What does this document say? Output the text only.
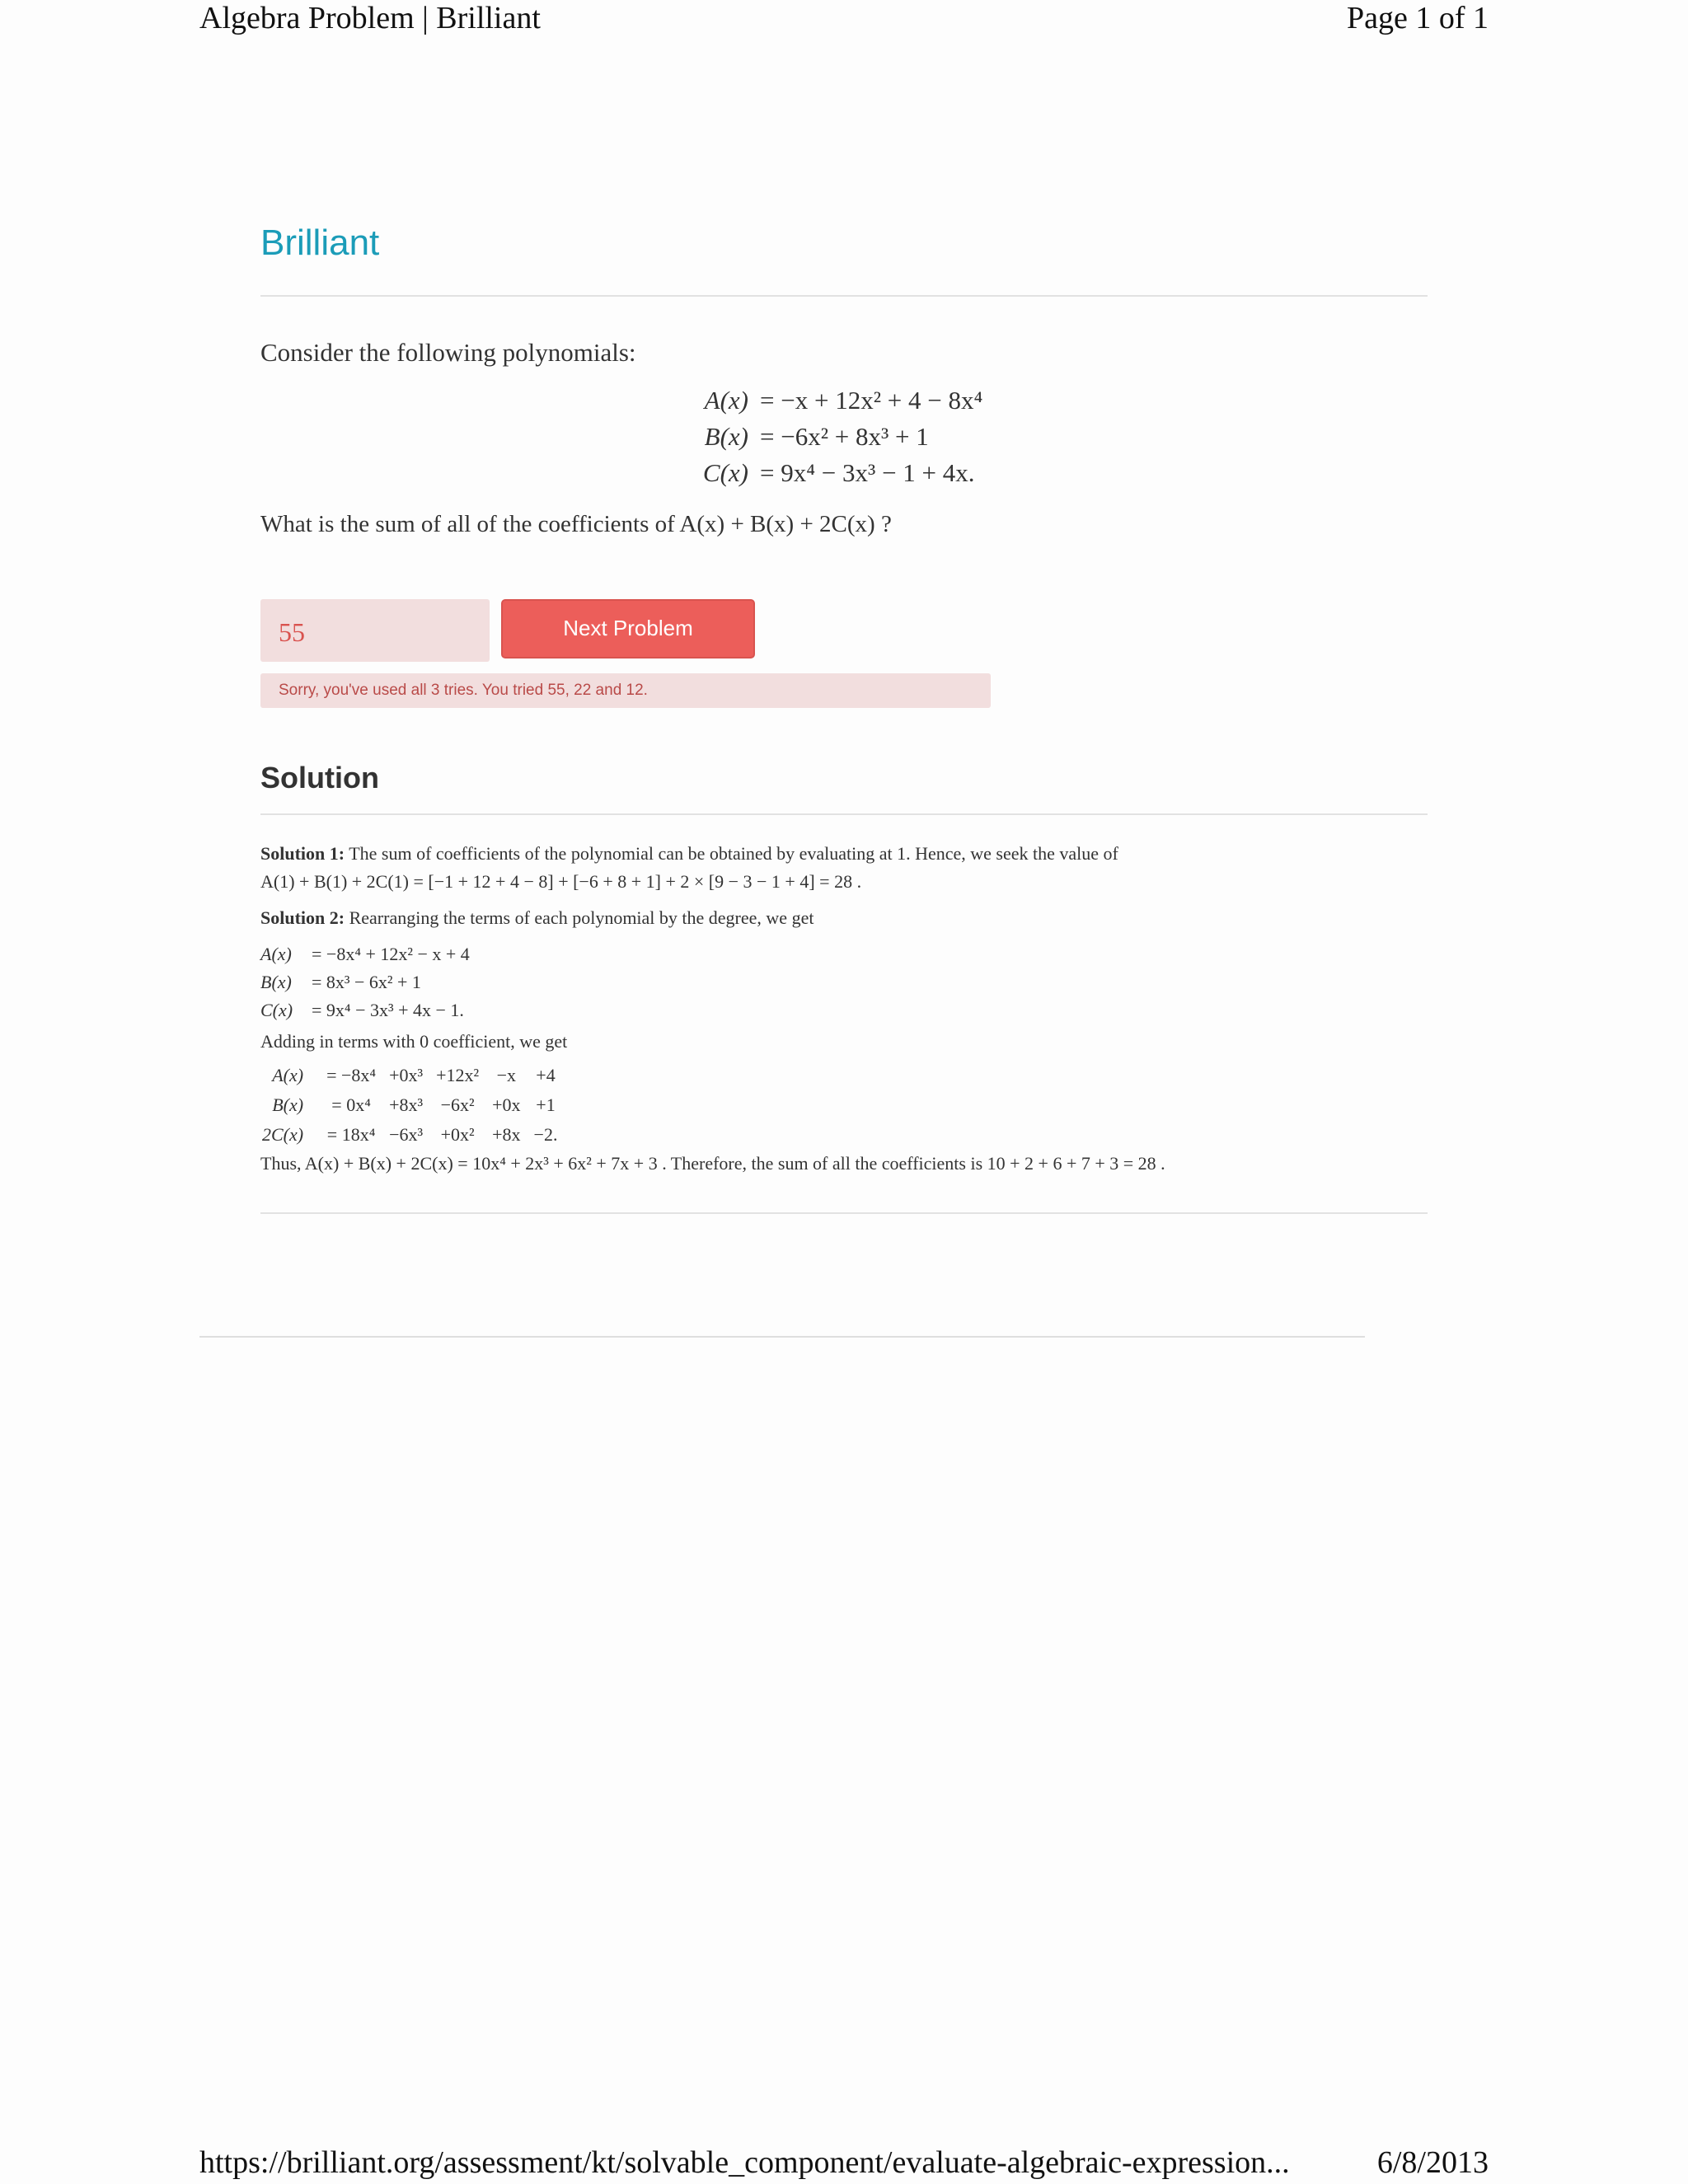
Algebra Problem | Brilliant	Page 1 of 1
Brilliant
Consider the following polynomials:
A(x) = −x + 12x² + 4 − 8x⁴
B(x) = −6x² + 8x³ + 1
C(x) = 9x⁴ − 3x³ − 1 + 4x.
What is the sum of all of the coefficients of A(x) + B(x) + 2C(x) ?
55	Next Problem
Sorry, you've used all 3 tries. You tried 55, 22 and 12.
Solution
Solution 1: The sum of coefficients of the polynomial can be obtained by evaluating at 1. Hence, we seek the value of
A(1) + B(1) + 2C(1) = [−1 + 12 + 4 − 8] + [−6 + 8 + 1] + 2 × [9 − 3 − 1 + 4] = 28 .
Solution 2: Rearranging the terms of each polynomial by the degree, we get
A(x)	= −8x⁴ + 12x² − x + 4
B(x)	= 8x³ − 6x² + 1
C(x)	= 9x⁴ − 3x³ + 4x − 1.
Adding in terms with 0 coefficient, we get
A(x)	= −8x⁴	+0x³	+12x²	−x	+4
B(x)	= 0x⁴	+8x³	−6x²	+0x	+1
2C(x)	= 18x⁴	−6x³	+0x²	+8x	−2.
Thus, A(x) + B(x) + 2C(x) = 10x⁴ + 2x³ + 6x² + 7x + 3 . Therefore, the sum of all the coefficients is 10 + 2 + 6 + 7 + 3 = 28 .
https://brilliant.org/assessment/kt/solvable_component/evaluate-algebraic-expression...	6/8/2013
